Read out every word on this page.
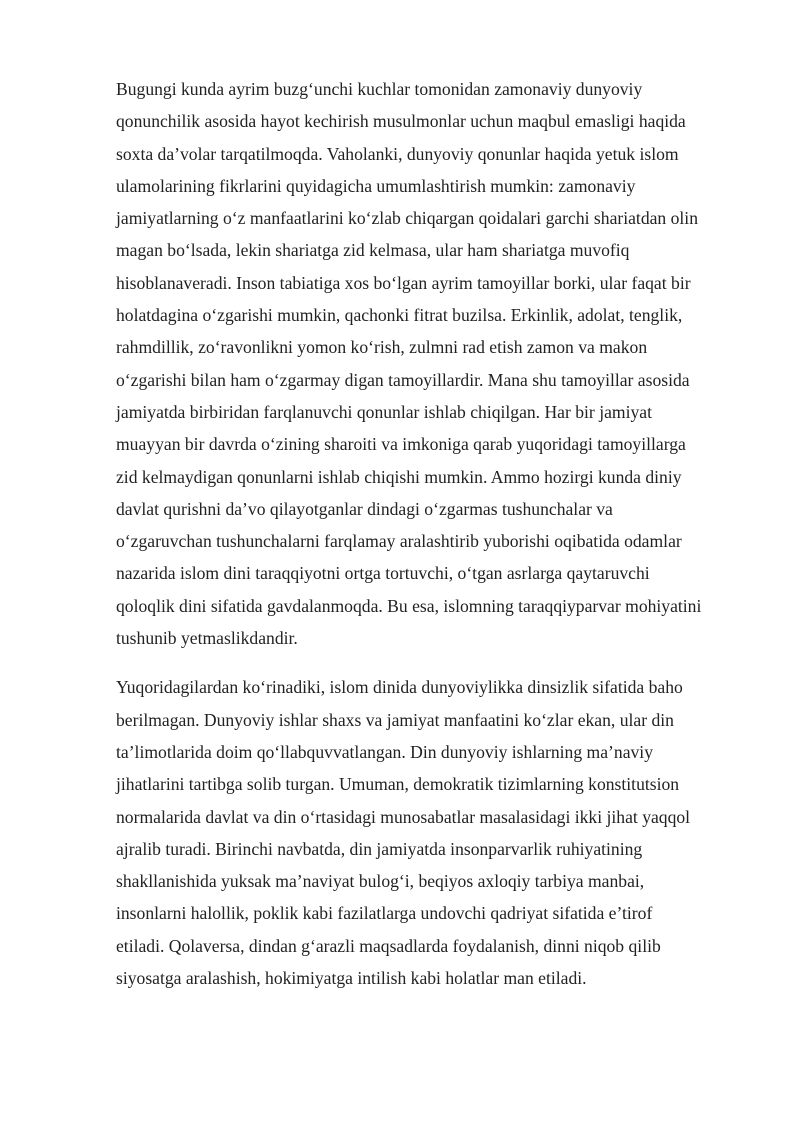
Bugungi kunda ayrim buzg‘unchi kuchlar tomonidan zamonaviy dunyoviy
qonunchilik asosida hayot kechirish musulmonlar uchun maqbul emasligi haqida
soxta da’volar tarqatilmoqda. Vaholanki, dunyoviy qonunlar haqida yetuk islom
ulamolarining fikrlarini quyidagicha umumlashtirish mumkin: zamonaviy
jamiyatlarning o‘z manfaatlarini ko‘zlab chiqargan qoidalari garchi shariatdan olin
magan bo‘lsada, lekin shariatga zid kelmasa, ular ham shariatga muvofiq
hisoblanaveradi. Inson tabiatiga xos bo‘lgan ayrim tamoyillar borki, ular faqat bir
holatdagina o‘zgarishi mumkin, qachonki fitrat buzilsa. Erkinlik, adolat, tenglik,
rahmdillik, zo‘ravonlikni yomon ko‘rish, zulmni rad etish zamon va makon
o‘zgarishi bilan ham o‘zgarmay digan tamoyillardir. Mana shu tamoyillar asosida
jamiyatda birbiridan farqlanuvchi qonunlar ishlab chiqilgan. Har bir jamiyat
muayyan bir davrda o‘zining sharoiti va imkoniga qarab yuqoridagi tamoyillarga
zid kelmaydigan qonunlarni ishlab chiqishi mumkin. Ammo hozirgi kunda diniy
davlat qurishni da’vo qilayotganlar dindagi o‘zgarmas tushunchalar va
o‘zgaruvchan tushunchalarni farqlamay aralashtirib yuborishi oqibatida odamlar
nazarida islom dini taraqqiyotni ortga tortuvchi, o‘tgan asrlarga qaytaruvchi
qoloqlik dini sifatida gavdalanmoqda. Bu esa, islomning taraqqiyparvar mohiyatini
tushunib yetmaslikdandir.

Yuqoridagilardan ko‘rinadiki, islom dinida dunyoviylikka dinsizlik sifatida baho
berilmagan. Dunyoviy ishlar shaxs va jamiyat manfaatini ko‘zlar ekan, ular din
ta’limotlarida doim qo‘llabquvvatlangan. Din dunyoviy ishlarning ma’naviy
jihatlarini tartibga solib turgan. Umuman, demokratik tizimlarning konstitutsion
normalarida davlat va din o‘rtasidagi munosabatlar masalasidagi ikki jihat yaqqol
ajralib turadi. Birinchi navbatda, din jamiyatda insonparvarlik ruhiyatining
shakllanishida yuksak ma’naviyat bulog‘i, beqiyos axloqiy tarbiya manbai,
insonlarni halollik, poklik kabi fazilatlarga undovchi qadriyat sifatida e’tirof
etiladi. Qolaversa, dindan g‘arazli maqsadlarda foydalanish, dinni niqob qilib
siyosatga aralashish, hokimiyatga intilish kabi holatlar man etiladi.
